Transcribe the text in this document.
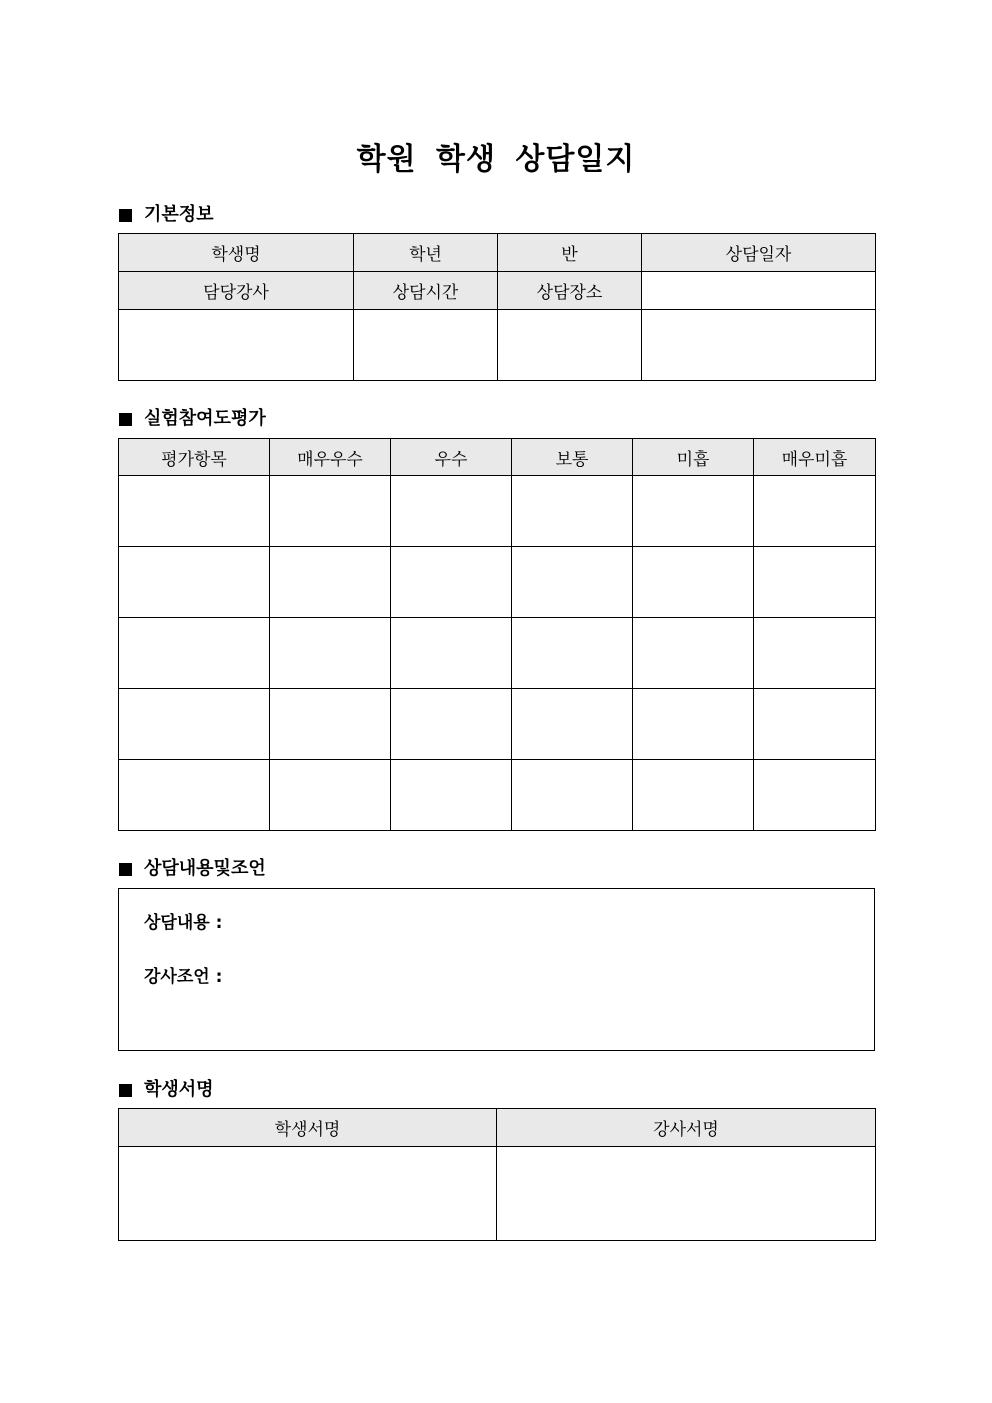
학원 학생 상담일지
기본정보
학생명	학년	반	상담일자
담당강사	상담시간	상담장소	

실험참여도평가
평가항목	매우우수	우수	보통	미흡	매우미흡

상담내용및조언
상담내용 :
강사조언 :
학생서명
학생서명	강사서명
